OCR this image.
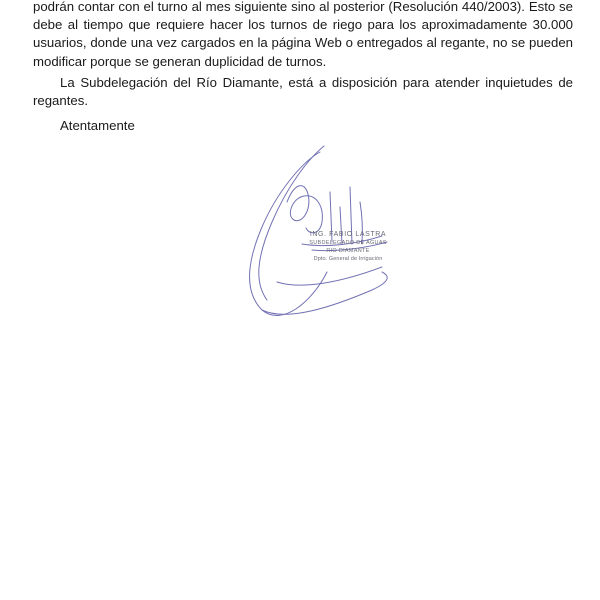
podrán contar con el turno al mes siguiente sino al posterior (Resolución 440/2003). Esto se debe al tiempo que requiere hacer los turnos de riego para los aproximadamente 30.000 usuarios, donde una vez cargados en la página Web o entregados al regante, no se pueden modificar porque se generan duplicidad de turnos.

La Subdelegación del Río Diamante, está a disposición para atender inquietudes de regantes.

Atentamente
ING. FABIO LASTRA
SUBDELEGADO DE AGUAS
RIO DIAMANTE
Dpto. General de Irrigación
